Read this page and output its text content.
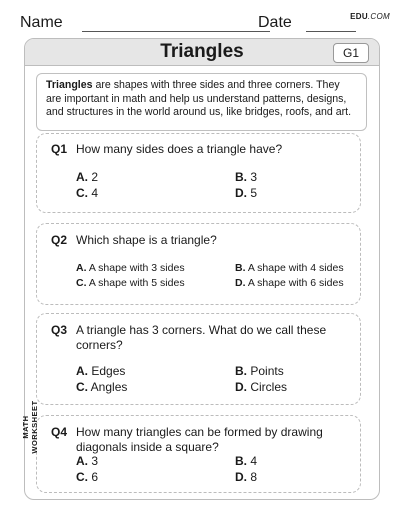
Name	Date	EDU.COM
Triangles	G1
Triangles are shapes with three sides and three corners. They are important in math and help us understand patterns, designs, and structures in the world around us, like bridges, roofs, and art.
Q1 How many sides does a triangle have?
A. 2	B. 3
C. 4	D. 5
Q2 Which shape is a triangle?
A. A shape with 3 sides	B. A shape with 4 sides
C. A shape with 5 sides	D. A shape with 6 sides
Q3 A triangle has 3 corners. What do we call these corners?
A. Edges	B. Points
C. Angles	D. Circles
Q4 How many triangles can be formed by drawing diagonals inside a square?
A. 3	B. 4
C. 6	D. 8
MATH WORKSHEET
